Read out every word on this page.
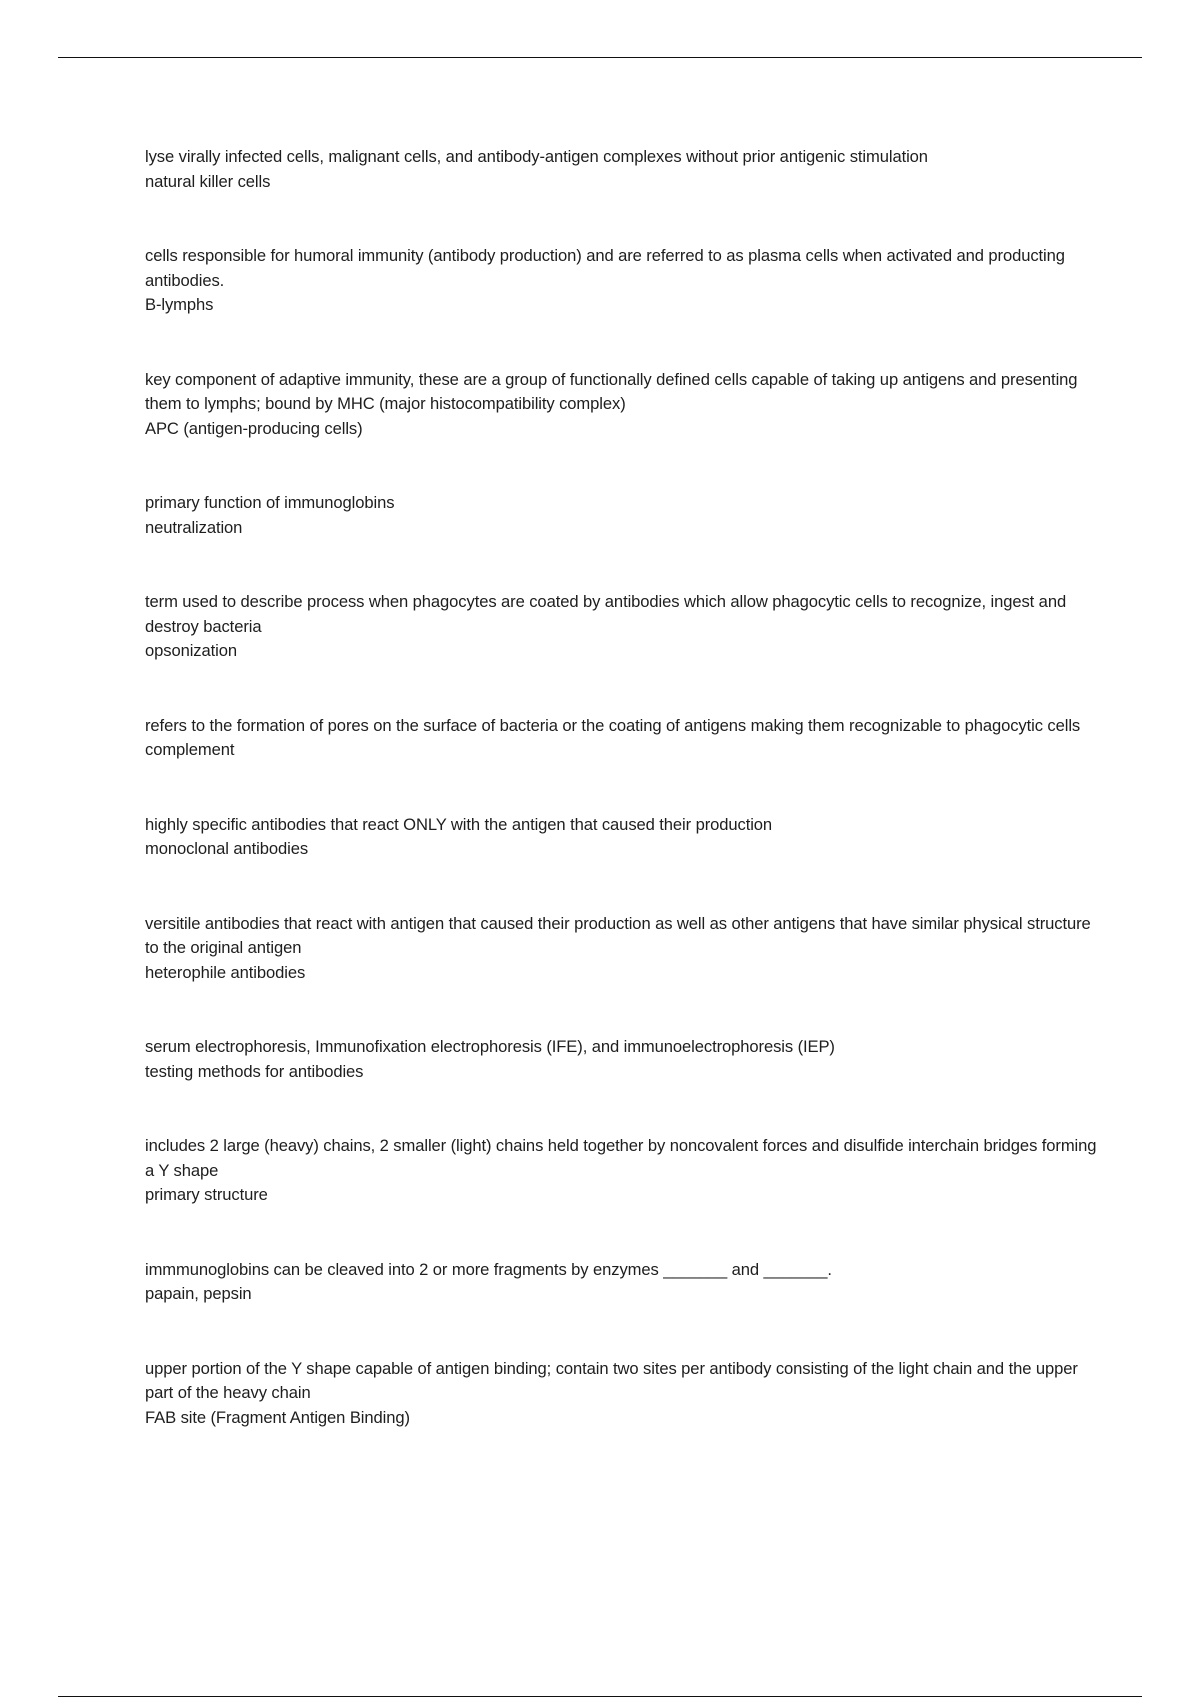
lyse virally infected cells, malignant cells, and antibody-antigen complexes without prior antigenic stimulation

natural killer cells

cells responsible for humoral immunity (antibody production) and are referred to as plasma cells when activated and producting antibodies.

B-lymphs

key component of adaptive immunity, these are a group of functionally defined cells capable of taking up antigens and presenting them to lymphs; bound by MHC (major histocompatibility complex)

APC (antigen-producing cells)

primary function of immunoglobins

neutralization

term used to describe process when phagocytes are coated by antibodies which allow phagocytic cells to recognize, ingest and destroy bacteria

opsonization

refers to the formation of pores on the surface of bacteria or the coating of antigens making them recognizable to phagocytic cells

complement

highly specific antibodies that react ONLY with the antigen that caused their production

monoclonal antibodies

versitile antibodies that react with antigen that caused their production as well as other antigens that have similar physical structure to the original antigen

heterophile antibodies

serum electrophoresis, Immunofixation electrophoresis (IFE), and immunoelectrophoresis (IEP)

testing methods for antibodies

includes 2 large (heavy) chains, 2 smaller (light) chains held together by noncovalent forces and disulfide interchain bridges forming a Y shape

primary structure

immmunoglobins can be cleaved into 2 or more fragments by enzymes _______ and _______.

papain, pepsin

upper portion of the Y shape capable of antigen binding; contain two sites per antibody consisting of the light chain and the upper part of the heavy chain

FAB site (Fragment Antigen Binding)
